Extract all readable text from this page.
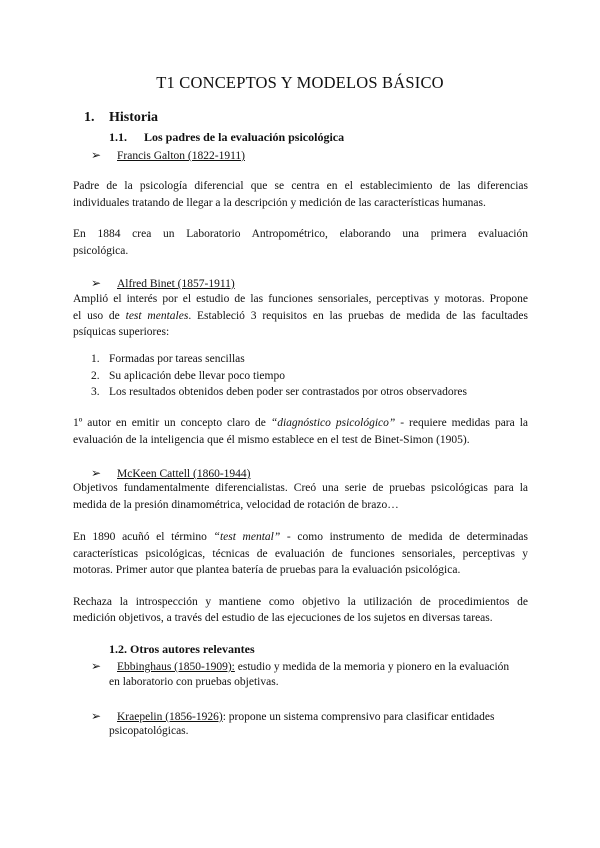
T1 CONCEPTOS Y MODELOS BÁSICO
1. Historia
1.1. Los padres de la evaluación psicológica
➢ Francis Galton (1822-1911)
Padre de la psicología diferencial que se centra en el establecimiento de las diferencias
individuales tratando de llegar a la descripción y medición de las características humanas.
En 1884 crea un Laboratorio Antropométrico, elaborando una primera evaluación
psicológica.
➢ Alfred Binet (1857-1911)
Amplió el interés por el estudio de las funciones sensoriales, perceptivas y motoras. Propone
el uso de test mentales. Estableció 3 requisitos en las pruebas de medida de las facultades
psíquicas superiores:
1. Formadas por tareas sencillas
2. Su aplicación debe llevar poco tiempo
3. Los resultados obtenidos deben poder ser contrastados por otros observadores
1º autor en emitir un concepto claro de “diagnóstico psicológico” - requiere medidas para la
evaluación de la inteligencia que él mismo establece en el test de Binet-Simon (1905).
➢ McKeen Cattell (1860-1944)
Objetivos fundamentalmente diferencialistas. Creó una serie de pruebas psicológicas para la
medida de la presión dinamométrica, velocidad de rotación de brazo…
En 1890 acuñó el término “test mental” - como instrumento de medida de determinadas
características psicológicas, técnicas de evaluación de funciones sensoriales, perceptivas y
motoras. Primer autor que plantea batería de pruebas para la evaluación psicológica.
Rechaza la introspección y mantiene como objetivo la utilización de procedimientos de
medición objetivos, a través del estudio de las ejecuciones de los sujetos en diversas tareas.
1.2. Otros autores relevantes
➢ Ebbinghaus (1850-1909): estudio y medida de la memoria y pionero en la evaluación
en laboratorio con pruebas objetivas.
➢ Kraepelin (1856-1926): propone un sistema comprensivo para clasificar entidades
psicopatológicas.
